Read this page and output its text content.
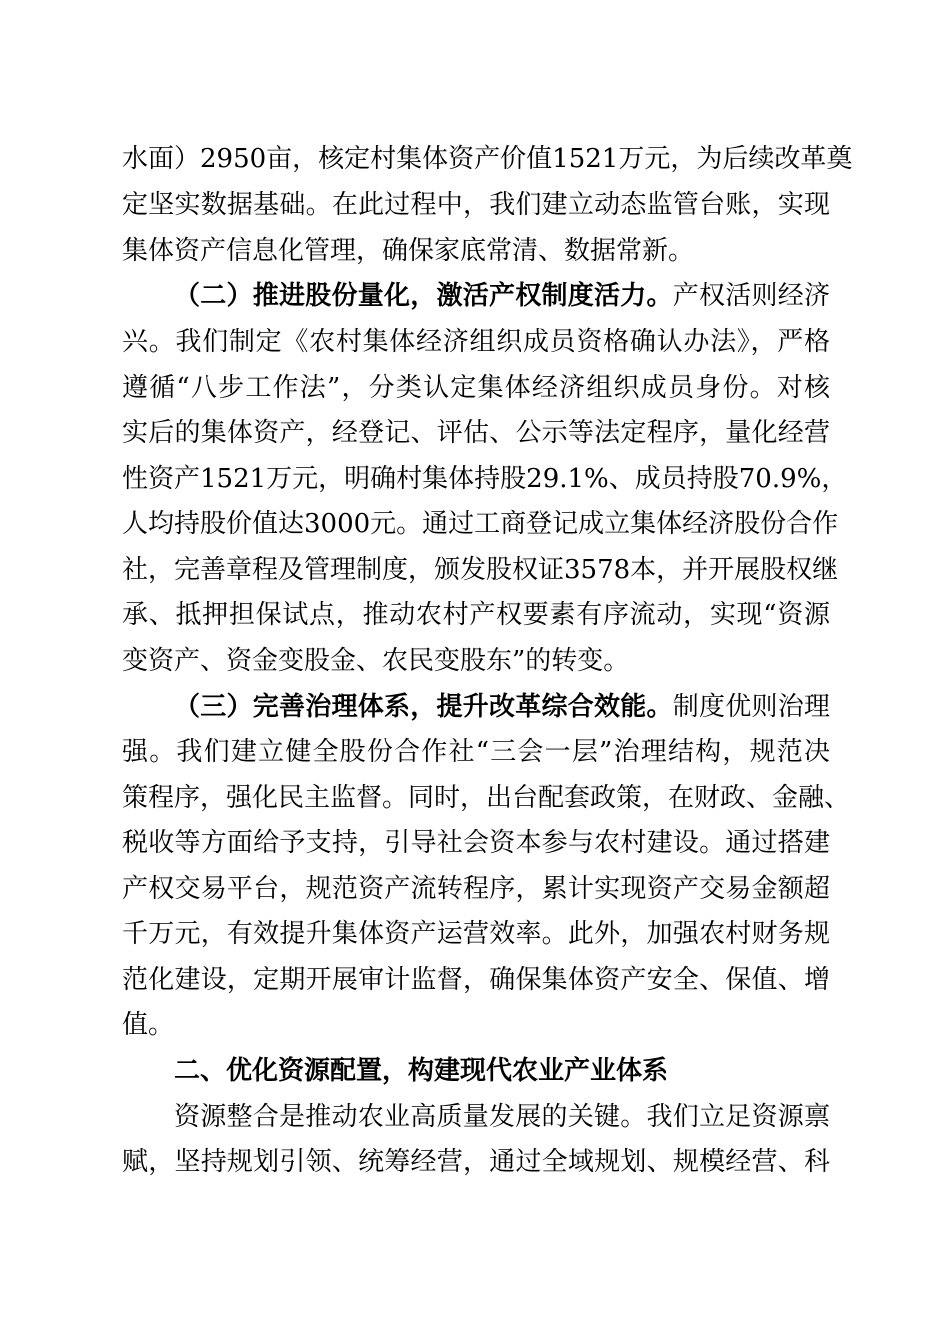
水面）2950亩，核定村集体资产价值1521万元，为后续改革奠
定坚实数据基础。在此过程中，我们建立动态监管台账，实现
集体资产信息化管理，确保家底常清、数据常新。
（二）推进股份量化，激活产权制度活力。产权活则经济
兴。我们制定《农村集体经济组织成员资格确认办法》，严格
遵循“八步工作法”，分类认定集体经济组织成员身份。对核
实后的集体资产，经登记、评估、公示等法定程序，量化经营
性资产1521万元，明确村集体持股29.1%、成员持股70.9%，
人均持股价值达3000元。通过工商登记成立集体经济股份合作
社，完善章程及管理制度，颁发股权证3578本，并开展股权继
承、抵押担保试点，推动农村产权要素有序流动，实现“资源
变资产、资金变股金、农民变股东”的转变。
（三）完善治理体系，提升改革综合效能。制度优则治理
强。我们建立健全股份合作社“三会一层”治理结构，规范决
策程序，强化民主监督。同时，出台配套政策，在财政、金融、
税收等方面给予支持，引导社会资本参与农村建设。通过搭建
产权交易平台，规范资产流转程序，累计实现资产交易金额超
千万元，有效提升集体资产运营效率。此外，加强农村财务规
范化建设，定期开展审计监督，确保集体资产安全、保值、增
值。
二、优化资源配置，构建现代农业产业体系
资源整合是推动农业高质量发展的关键。我们立足资源禀
赋，坚持规划引领、统筹经营，通过全域规划、规模经营、科
